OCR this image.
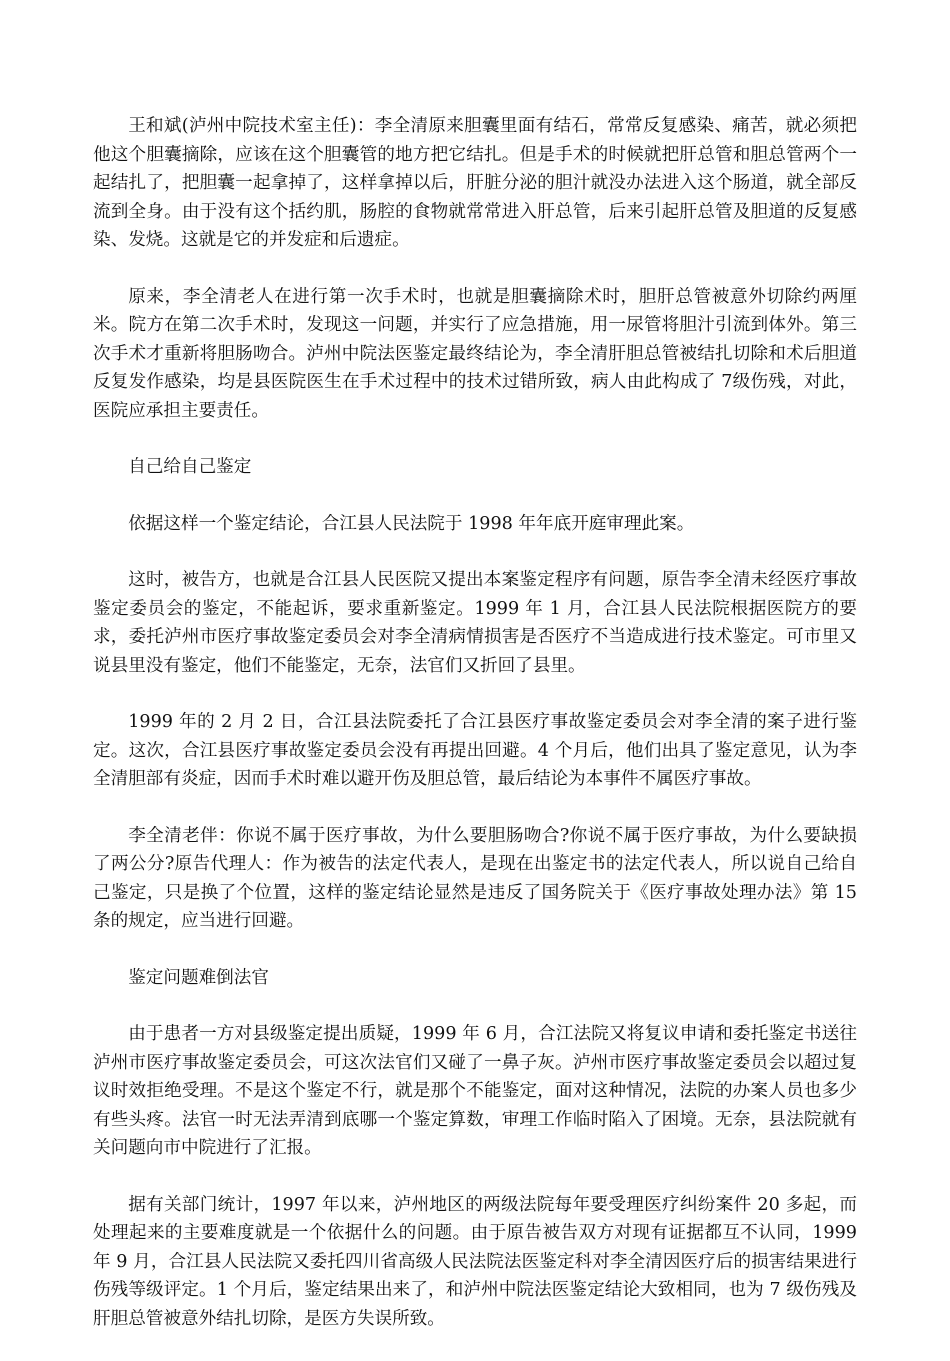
王和斌(泸州中院技术室主任)：李全清原来胆囊里面有结石，常常反复感染、痛苦，就必须把他这个胆囊摘除，应该在这个胆囊管的地方把它结扎。但是手术的时候就把肝总管和胆总管两个一起结扎了，把胆囊一起拿掉了，这样拿掉以后，肝脏分泌的胆汁就没办法进入这个肠道，就全部反流到全身。由于没有这个括约肌，肠腔的食物就常常进入肝总管，后来引起肝总管及胆道的反复感染、发烧。这就是它的并发症和后遗症。

原来，李全清老人在进行第一次手术时，也就是胆囊摘除术时，胆肝总管被意外切除约两厘米。院方在第二次手术时，发现这一问题，并实行了应急措施，用一尿管将胆汁引流到体外。第三次手术才重新将胆肠吻合。泸州中院法医鉴定最终结论为，李全清肝胆总管被结扎切除和术后胆道反复发作感染，均是县医院医生在手术过程中的技术过错所致，病人由此构成了 7级伤残，对此，医院应承担主要责任。

自己给自己鉴定

依据这样一个鉴定结论，合江县人民法院于 1998 年年底开庭审理此案。

这时，被告方，也就是合江县人民医院又提出本案鉴定程序有问题，原告李全清未经医疗事故鉴定委员会的鉴定，不能起诉，要求重新鉴定。1999 年 1 月，合江县人民法院根据医院方的要求，委托泸州市医疗事故鉴定委员会对李全清病情损害是否医疗不当造成进行技术鉴定。可市里又说县里没有鉴定，他们不能鉴定，无奈，法官们又折回了县里。

1999 年的 2 月 2 日，合江县法院委托了合江县医疗事故鉴定委员会对李全清的案子进行鉴定。这次，合江县医疗事故鉴定委员会没有再提出回避。4 个月后，他们出具了鉴定意见，认为李全清胆部有炎症，因而手术时难以避开伤及胆总管，最后结论为本事件不属医疗事故。

李全清老伴：你说不属于医疗事故，为什么要胆肠吻合?你说不属于医疗事故，为什么要缺损了两公分?原告代理人：作为被告的法定代表人，是现在出鉴定书的法定代表人，所以说自己给自己鉴定，只是换了个位置，这样的鉴定结论显然是违反了国务院关于《医疗事故处理办法》第 15 条的规定，应当进行回避。

鉴定问题难倒法官

由于患者一方对县级鉴定提出质疑，1999 年 6 月，合江法院又将复议申请和委托鉴定书送往泸州市医疗事故鉴定委员会，可这次法官们又碰了一鼻子灰。泸州市医疗事故鉴定委员会以超过复议时效拒绝受理。不是这个鉴定不行，就是那个不能鉴定，面对这种情况，法院的办案人员也多少有些头疼。法官一时无法弄清到底哪一个鉴定算数，审理工作临时陷入了困境。无奈，县法院就有关问题向市中院进行了汇报。

据有关部门统计，1997 年以来，泸州地区的两级法院每年要受理医疗纠纷案件 20 多起，而处理起来的主要难度就是一个依据什么的问题。由于原告被告双方对现有证据都互不认同，1999 年 9 月，合江县人民法院又委托四川省高级人民法院法医鉴定科对李全清因医疗后的损害结果进行伤残等级评定。1 个月后，鉴定结果出来了，和泸州中院法医鉴定结论大致相同，也为 7 级伤残及肝胆总管被意外结扎切除，是医方失误所致。
